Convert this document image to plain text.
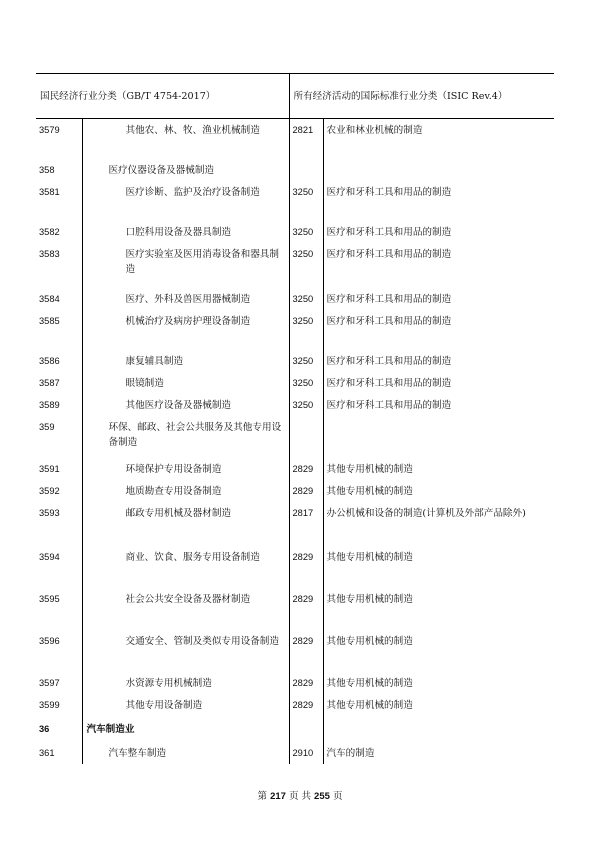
国民经济行业分类（GB/T 4754-2017）		所有经济活动的国际标准行业分类（ISIC Rev.4）	
3579	其他农、林、牧、渔业机械制造	2821	农业和林业机械的制造
358	医疗仪器设备及器械制造		
3581	医疗诊断、监护及治疗设备制造	3250	医疗和牙科工具和用品的制造
3582	口腔科用设备及器具制造	3250	医疗和牙科工具和用品的制造
3583	医疗实验室及医用消毒设备和器具制造	3250	医疗和牙科工具和用品的制造
3584	医疗、外科及兽医用器械制造	3250	医疗和牙科工具和用品的制造
3585	机械治疗及病房护理设备制造	3250	医疗和牙科工具和用品的制造
3586	康复辅具制造	3250	医疗和牙科工具和用品的制造
3587	眼镜制造	3250	医疗和牙科工具和用品的制造
3589	其他医疗设备及器械制造	3250	医疗和牙科工具和用品的制造
359	环保、邮政、社会公共服务及其他专用设备制造		
3591	环境保护专用设备制造	2829	其他专用机械的制造
3592	地质勘查专用设备制造	2829	其他专用机械的制造
3593	邮政专用机械及器材制造	2817	办公机械和设备的制造(计算机及外部产品除外)
3594	商业、饮食、服务专用设备制造	2829	其他专用机械的制造
3595	社会公共安全设备及器材制造	2829	其他专用机械的制造
3596	交通安全、管制及类似专用设备制造	2829	其他专用机械的制造
3597	水资源专用机械制造	2829	其他专用机械的制造
3599	其他专用设备制造	2829	其他专用机械的制造
36	汽车制造业		
361	汽车整车制造	2910	汽车的制造
第 217 页 共 255 页
